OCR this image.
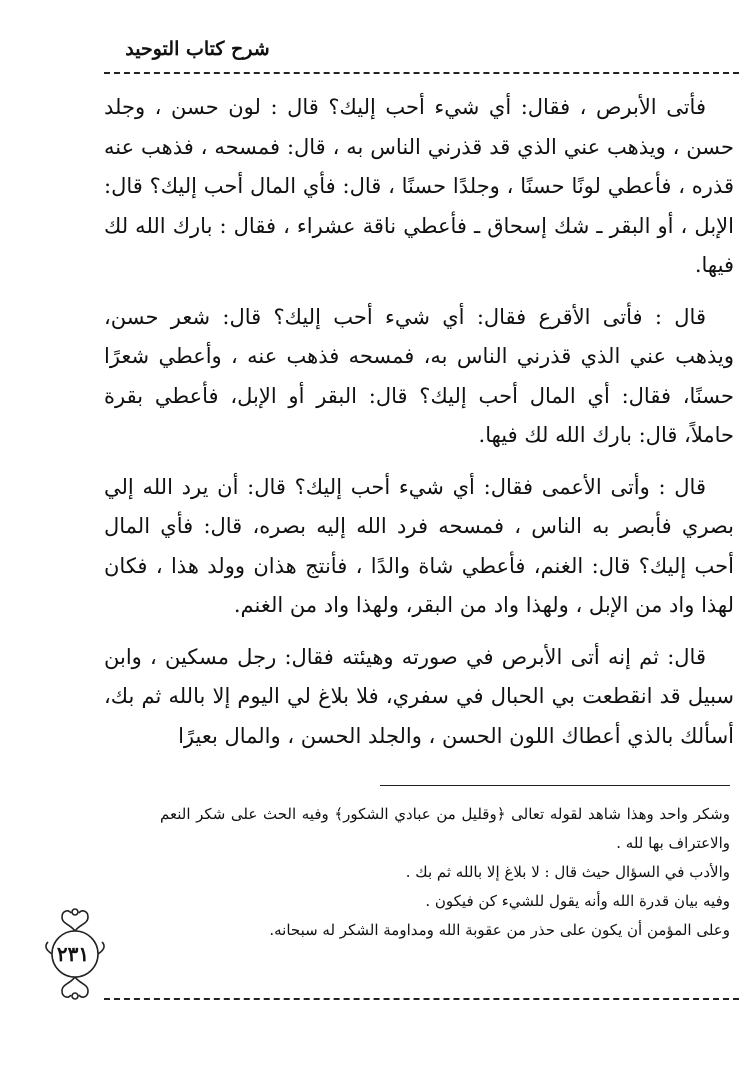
شرح كتاب التوحيد

فأتى الأبرص ، فقال: أي شيء أحب إليك؟ قال : لون حسن ، وجلد حسن ، ويذهب عني الذي قد قذرني الناس به ، قال: فمسحه ، فذهب عنه قذره ، فأعطي لونًا حسنًا ، وجلدًا حسنًا ، قال: فأي المال أحب إليك؟ قال: الإبل ، أو البقر ـ شك إسحاق ـ فأعطي ناقة عشراء ، فقال : بارك الله لك فيها.

قال : فأتى الأقرع فقال: أي شيء أحب إليك؟ قال: شعر حسن، ويذهب عني الذي قذرني الناس به، فمسحه فذهب عنه ، وأعطي شعرًا حسنًا، فقال: أي المال أحب إليك؟ قال: البقر أو الإبل، فأعطي بقرة حاملاً، قال: بارك الله لك فيها.

قال : وأتى الأعمى فقال: أي شيء أحب إليك؟ قال: أن يرد الله إلي بصري فأبصر به الناس ، فمسحه فرد الله إليه بصره، قال: فأي المال أحب إليك؟ قال: الغنم، فأعطي شاة والدًا ، فأنتج هذان وولد هذا ، فكان لهذا واد من الإبل ، ولهذا واد من البقر، ولهذا واد من الغنم.

قال: ثم إنه أتى الأبرص في صورته وهيئته فقال: رجل مسكين ، وابن سبيل قد انقطعت بي الحبال في سفري، فلا بلاغ لي اليوم إلا بالله ثم بك، أسألك بالذي أعطاك اللون الحسن ، والجلد الحسن ، والمال بعيرًا

وشكر واحد وهذا شاهد لقوله تعالى ﴿وقليل من عبادي الشكور﴾ وفيه الحث على شكر النعم والاعتراف بها لله .

والأدب في السؤال حيث قال : لا بلاغ إلا بالله ثم بك .

وفيه بيان قدرة الله وأنه يقول للشيء كن فيكون .

وعلى المؤمن أن يكون على حذر من عقوبة الله ومداومة الشكر له سبحانه.

٢٣١
